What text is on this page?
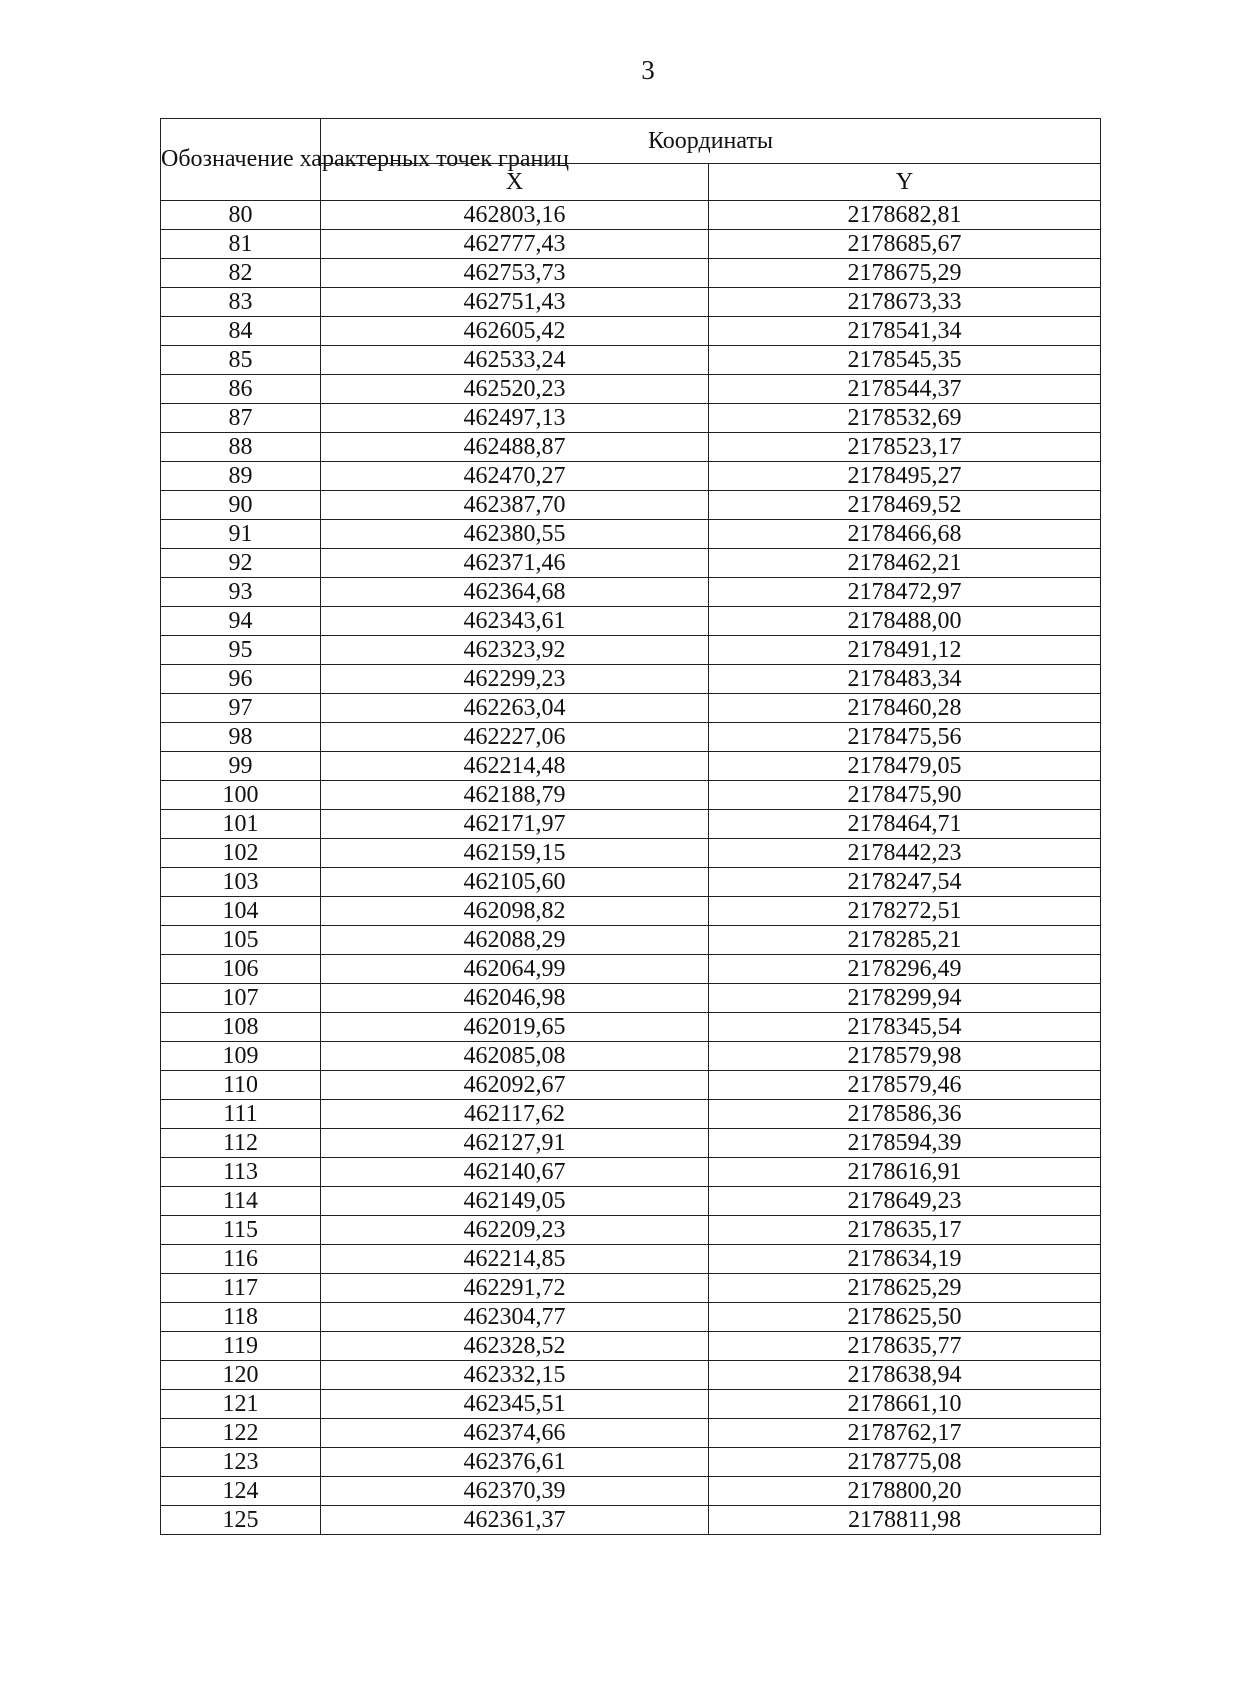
3
Обозначение характерных точек границ	Координаты	
	X	Y
80	462803,16	2178682,81
81	462777,43	2178685,67
82	462753,73	2178675,29
83	462751,43	2178673,33
84	462605,42	2178541,34
85	462533,24	2178545,35
86	462520,23	2178544,37
87	462497,13	2178532,69
88	462488,87	2178523,17
89	462470,27	2178495,27
90	462387,70	2178469,52
91	462380,55	2178466,68
92	462371,46	2178462,21
93	462364,68	2178472,97
94	462343,61	2178488,00
95	462323,92	2178491,12
96	462299,23	2178483,34
97	462263,04	2178460,28
98	462227,06	2178475,56
99	462214,48	2178479,05
100	462188,79	2178475,90
101	462171,97	2178464,71
102	462159,15	2178442,23
103	462105,60	2178247,54
104	462098,82	2178272,51
105	462088,29	2178285,21
106	462064,99	2178296,49
107	462046,98	2178299,94
108	462019,65	2178345,54
109	462085,08	2178579,98
110	462092,67	2178579,46
111	462117,62	2178586,36
112	462127,91	2178594,39
113	462140,67	2178616,91
114	462149,05	2178649,23
115	462209,23	2178635,17
116	462214,85	2178634,19
117	462291,72	2178625,29
118	462304,77	2178625,50
119	462328,52	2178635,77
120	462332,15	2178638,94
121	462345,51	2178661,10
122	462374,66	2178762,17
123	462376,61	2178775,08
124	462370,39	2178800,20
125	462361,37	2178811,98
